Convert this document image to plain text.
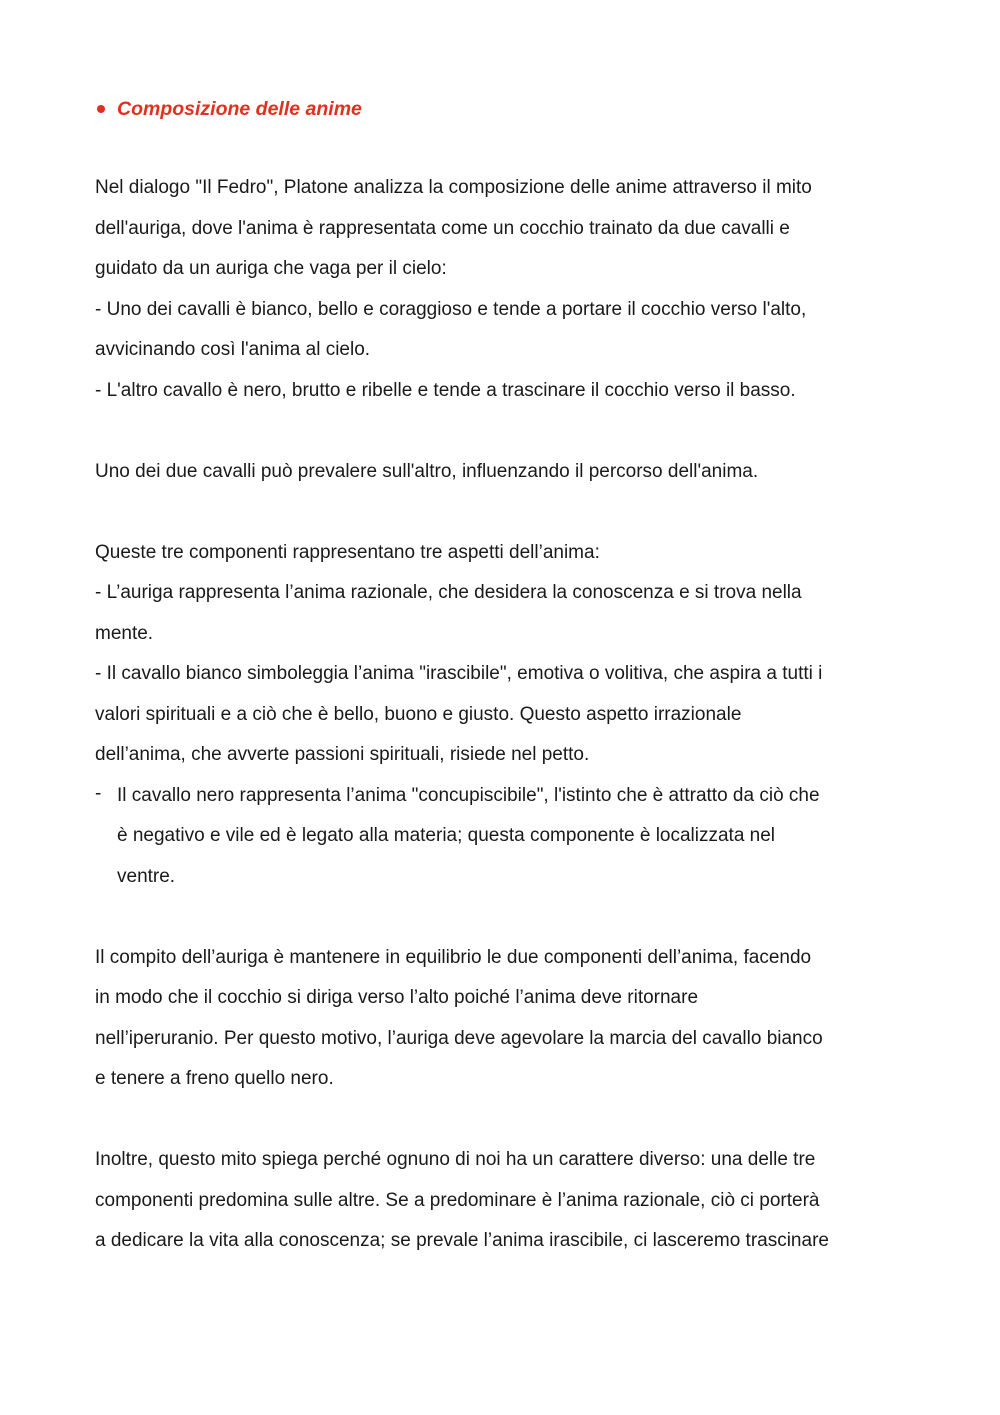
Composizione delle anime

Nel dialogo "Il Fedro", Platone analizza la composizione delle anime attraverso il mito

dell'auriga, dove l'anima è rappresentata come un cocchio trainato da due cavalli e

guidato da un auriga che vaga per il cielo:

- Uno dei cavalli è bianco, bello e coraggioso e tende a portare il cocchio verso l'alto,

avvicinando così l'anima al cielo.

- L'altro cavallo è nero, brutto e ribelle e tende a trascinare il cocchio verso il basso.

Uno dei due cavalli può prevalere sull'altro, influenzando il percorso dell'anima.

Queste tre componenti rappresentano tre aspetti dell’anima:

- L’auriga rappresenta l’anima razionale, che desidera la conoscenza e si trova nella

mente.

- Il cavallo bianco simboleggia l’anima "irascibile", emotiva o volitiva, che aspira a tutti i

valori spirituali e a ciò che è bello, buono e giusto. Questo aspetto irrazionale

dell’anima, che avverte passioni spirituali, risiede nel petto.

- Il cavallo nero rappresenta l’anima "concupiscibile", l'istinto che è attratto da ciò che

è negativo e vile ed è legato alla materia; questa componente è localizzata nel

ventre.

Il compito dell’auriga è mantenere in equilibrio le due componenti dell’anima, facendo

in modo che il cocchio si diriga verso l’alto poiché l’anima deve ritornare

nell’iperuranio. Per questo motivo, l’auriga deve agevolare la marcia del cavallo bianco

e tenere a freno quello nero.

Inoltre, questo mito spiega perché ognuno di noi ha un carattere diverso: una delle tre

componenti predomina sulle altre. Se a predominare è l’anima razionale, ciò ci porterà

a dedicare la vita alla conoscenza; se prevale l’anima irascibile, ci lasceremo trascinare
